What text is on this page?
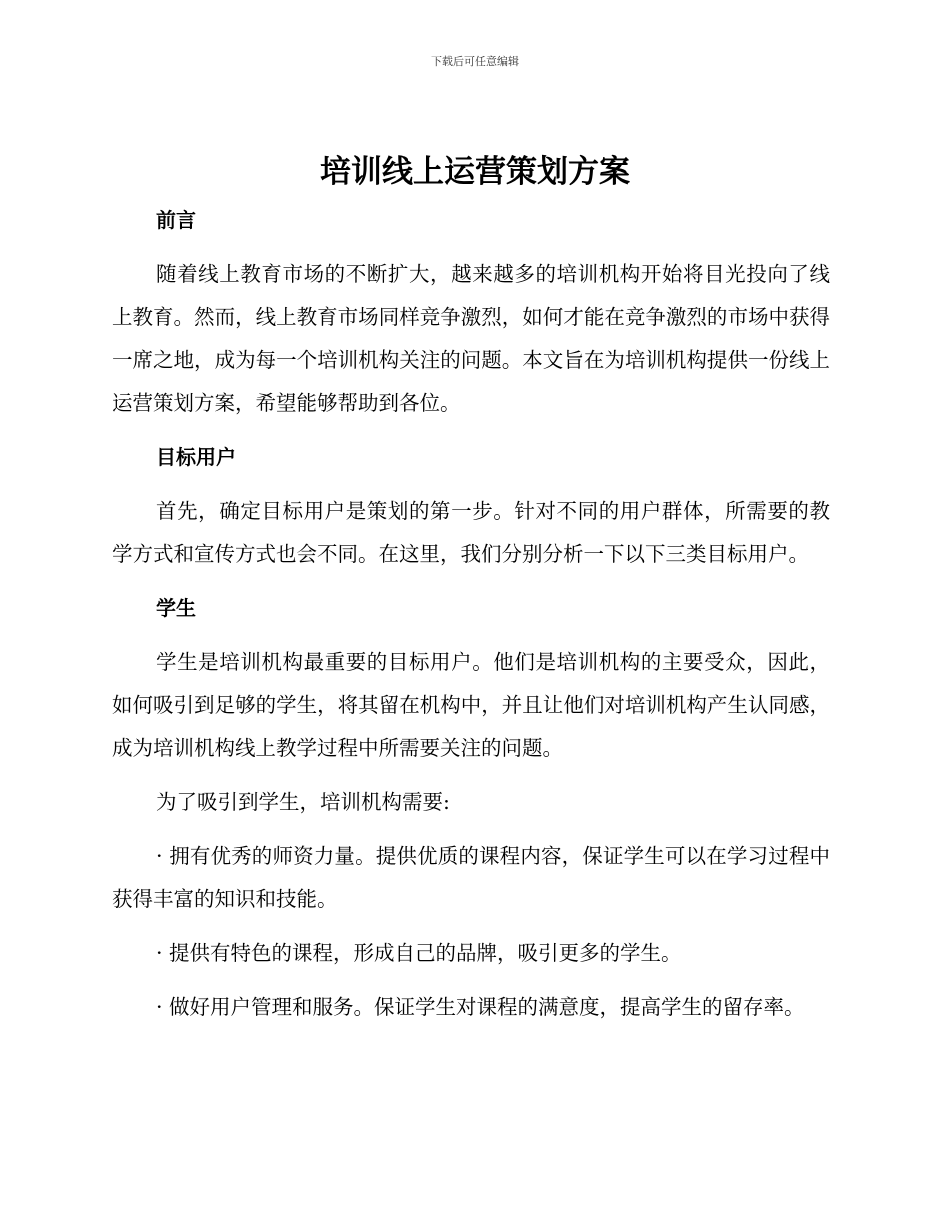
下载后可任意编辑
培训线上运营策划方案
前言

随着线上教育市场的不断扩大，越来越多的培训机构开始将目光投向了线上教育。然而，线上教育市场同样竞争激烈，如何才能在竞争激烈的市场中获得一席之地，成为每一个培训机构关注的问题。本文旨在为培训机构提供一份线上运营策划方案，希望能够帮助到各位。

目标用户

首先，确定目标用户是策划的第一步。针对不同的用户群体，所需要的教学方式和宣传方式也会不同。在这里，我们分别分析一下以下三类目标用户。

学生

学生是培训机构最重要的目标用户。他们是培训机构的主要受众，因此，如何吸引到足够的学生，将其留在机构中，并且让他们对培训机构产生认同感，成为培训机构线上教学过程中所需要关注的问题。

为了吸引到学生，培训机构需要:

· 拥有优秀的师资力量。提供优质的课程内容，保证学生可以在学习过程中获得丰富的知识和技能。

· 提供有特色的课程，形成自己的品牌，吸引更多的学生。

· 做好用户管理和服务。保证学生对课程的满意度，提高学生的留存率。
